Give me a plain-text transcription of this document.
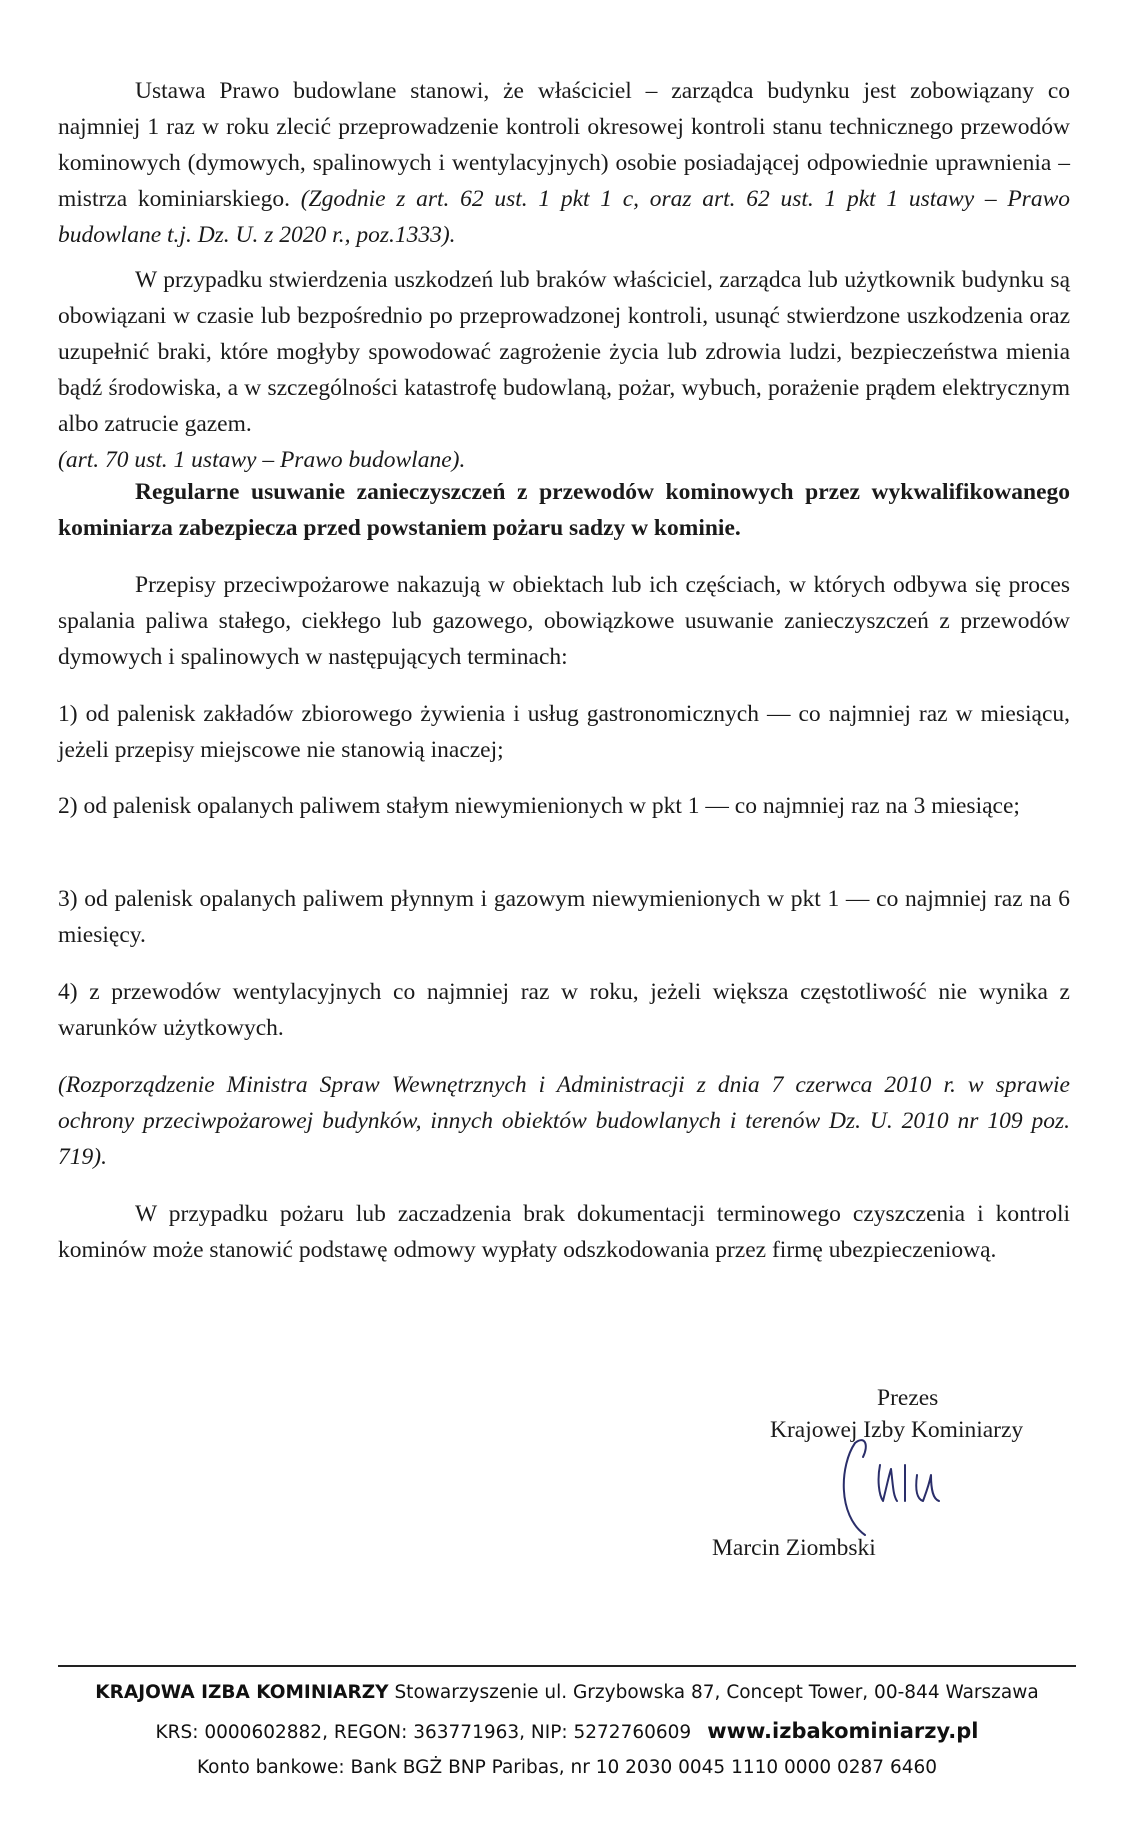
Ustawa Prawo budowlane stanowi, że właściciel – zarządca budynku jest zobowiązany co najmniej 1 raz w roku zlecić przeprowadzenie kontroli okresowej kontroli stanu technicznego przewodów kominowych (dymowych, spalinowych i wentylacyjnych) osobie posiadającej odpowiednie uprawnienia – mistrza kominiarskiego. (Zgodnie z art. 62 ust. 1 pkt 1 c, oraz art. 62 ust. 1 pkt 1 ustawy – Prawo budowlane t.j. Dz. U. z 2020 r., poz.1333).

W przypadku stwierdzenia uszkodzeń lub braków właściciel, zarządca lub użytkownik budynku są obowiązani w czasie lub bezpośrednio po przeprowadzonej kontroli, usunąć stwierdzone uszkodzenia oraz uzupełnić braki, które mogłyby spowodować zagrożenie życia lub zdrowia ludzi, bezpieczeństwa mienia bądź środowiska, a w szczególności katastrofę budowlaną, pożar, wybuch, porażenie prądem elektrycznym albo zatrucie gazem.

(art. 70 ust. 1 ustawy – Prawo budowlane).

Regularne usuwanie zanieczyszczeń z przewodów kominowych przez wykwalifikowanego kominiarza zabezpiecza przed powstaniem pożaru sadzy w kominie.

Przepisy przeciwpożarowe nakazują w obiektach lub ich częściach, w których odbywa się proces spalania paliwa stałego, ciekłego lub gazowego, obowiązkowe usuwanie zanieczyszczeń z przewodów dymowych i spalinowych w następujących terminach:

1) od palenisk zakładów zbiorowego żywienia i usług gastronomicznych — co najmniej raz w miesiącu, jeżeli przepisy miejscowe nie stanowią inaczej;

2) od palenisk opalanych paliwem stałym niewymienionych w pkt 1 — co najmniej raz na 3 miesiące;

3) od palenisk opalanych paliwem płynnym i gazowym niewymienionych w pkt 1 — co najmniej raz na 6 miesięcy.

4) z przewodów wentylacyjnych co najmniej raz w roku, jeżeli większa częstotliwość nie wynika z warunków użytkowych.

(Rozporządzenie Ministra Spraw Wewnętrznych i Administracji z dnia 7 czerwca 2010 r. w sprawie ochrony przeciwpożarowej budynków, innych obiektów budowlanych i terenów Dz. U. 2010 nr 109 poz. 719).

W przypadku pożaru lub zaczadzenia brak dokumentacji terminowego czyszczenia i kontroli kominów może stanowić podstawę odmowy wypłaty odszkodowania przez firmę ubezpieczeniową.

Prezes
Krajowej Izby Kominiarzy
Marcin Ziombski
KRAJOWA IZBA KOMINIARZY Stowarzyszenie ul. Grzybowska 87, Concept Tower, 00-844 Warszawa
KRS: 0000602882, REGON: 363771963, NIP: 5272760609 www.izbakominiarzy.pl
Konto bankowe: Bank BGŻ BNP Paribas, nr 10 2030 0045 1110 0000 0287 6460
